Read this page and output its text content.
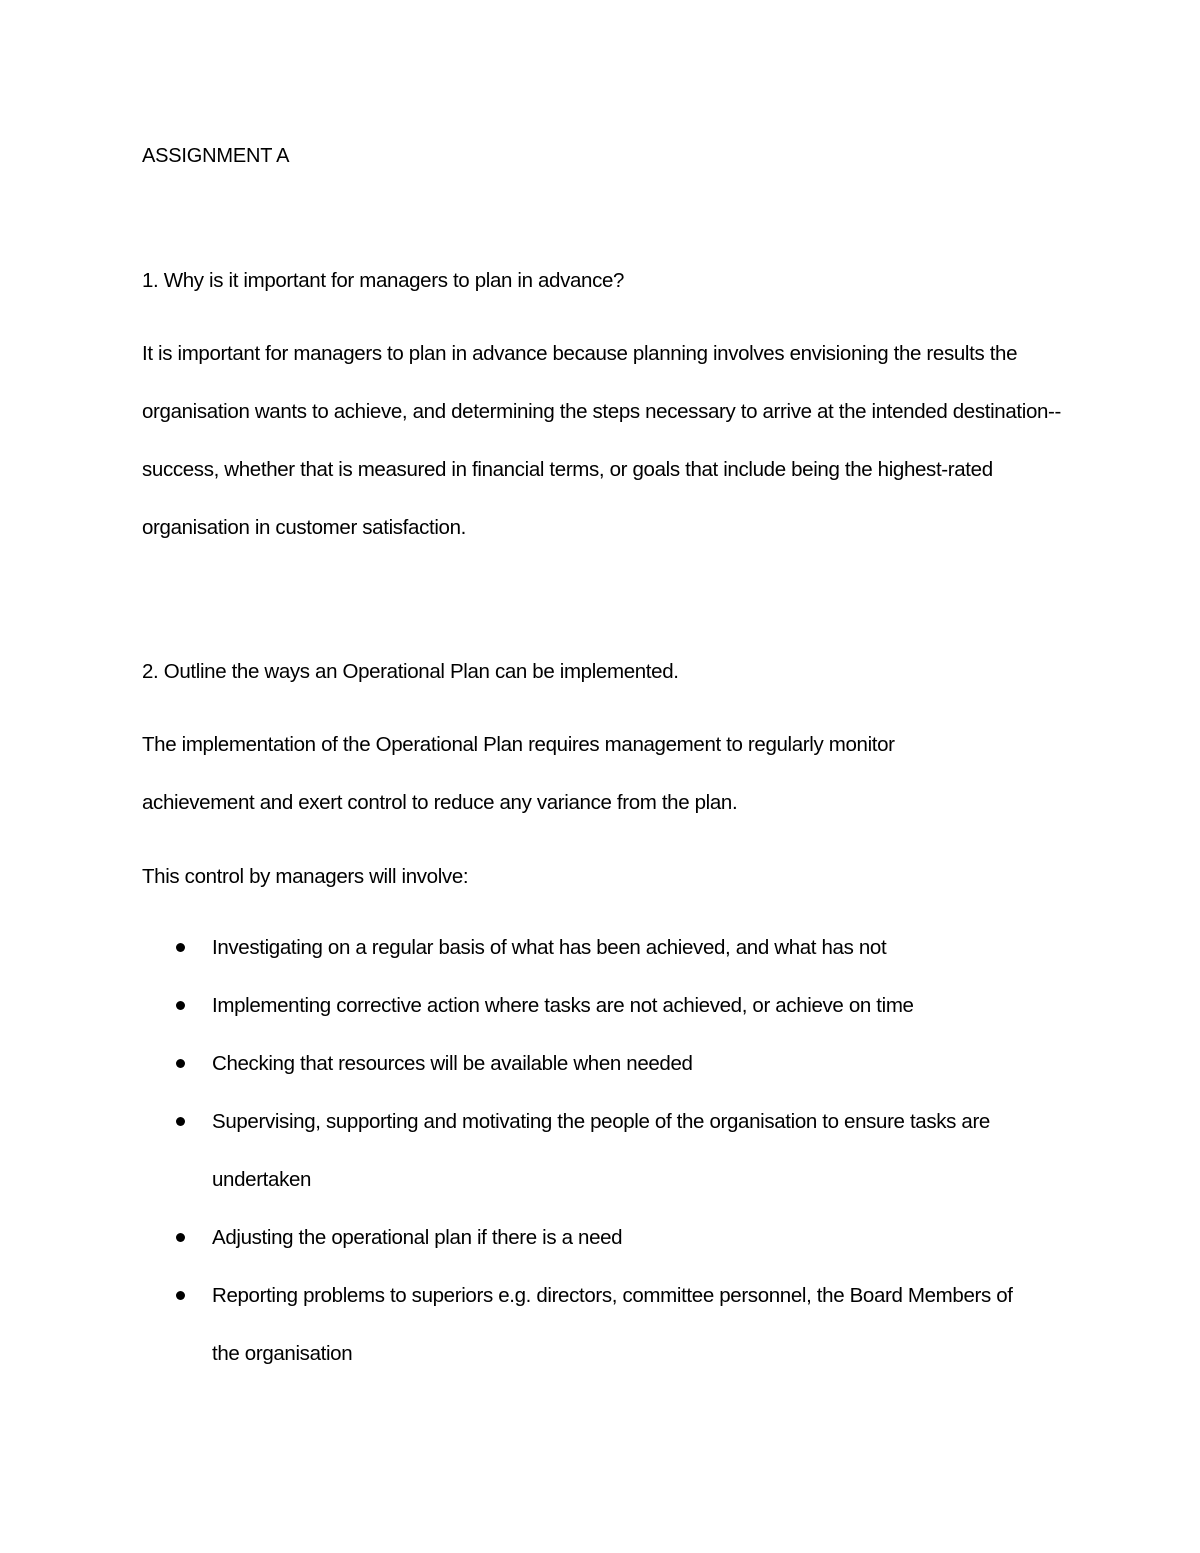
ASSIGNMENT A
1. Why is it important for managers to plan in advance?
It is important for managers to plan in advance because planning involves envisioning the results the organisation wants to achieve, and determining the steps necessary to arrive at the intended destination--success, whether that is measured in financial terms, or goals that include being the highest-rated organisation in customer satisfaction.
2. Outline the ways an Operational Plan can be implemented.
The implementation of the Operational Plan requires management to regularly monitor achievement and exert control to reduce any variance from the plan.
This control by managers will involve:
Investigating on a regular basis of what has been achieved, and what has not
Implementing corrective action where tasks are not achieved, or achieve on time
Checking that resources will be available when needed
Supervising, supporting and motivating the people of the organisation to ensure tasks are undertaken
Adjusting the operational plan if there is a need
Reporting problems to superiors e.g. directors, committee personnel, the Board Members of the organisation
